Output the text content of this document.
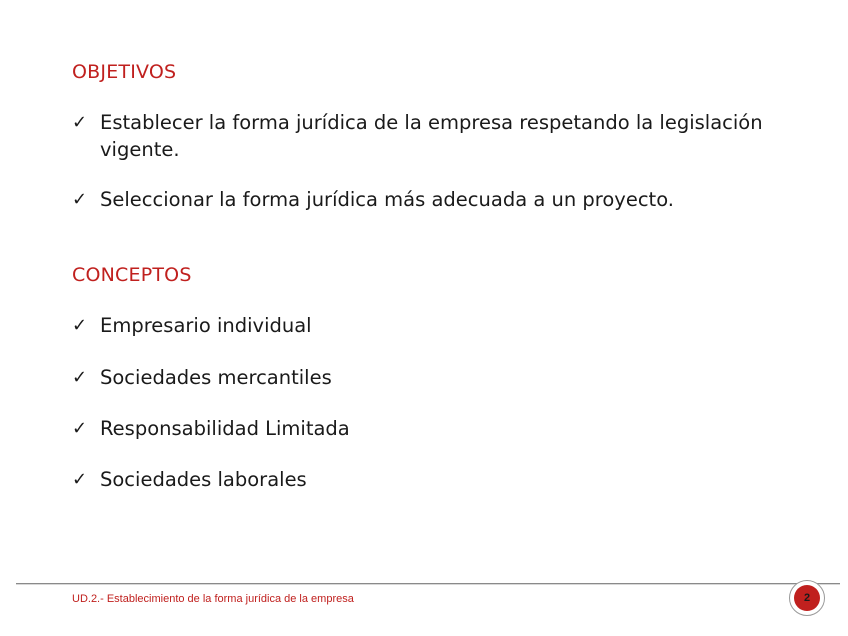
OBJETIVOS
✓ Establecer la forma jurídica de la empresa respetando la legislación vigente.
✓ Seleccionar la forma jurídica más adecuada a un proyecto.
CONCEPTOS
✓ Empresario individual
✓ Sociedades mercantiles
✓ Responsabilidad Limitada
✓ Sociedades laborales
UD.2.- Establecimiento de la forma jurídica de la empresa	2
